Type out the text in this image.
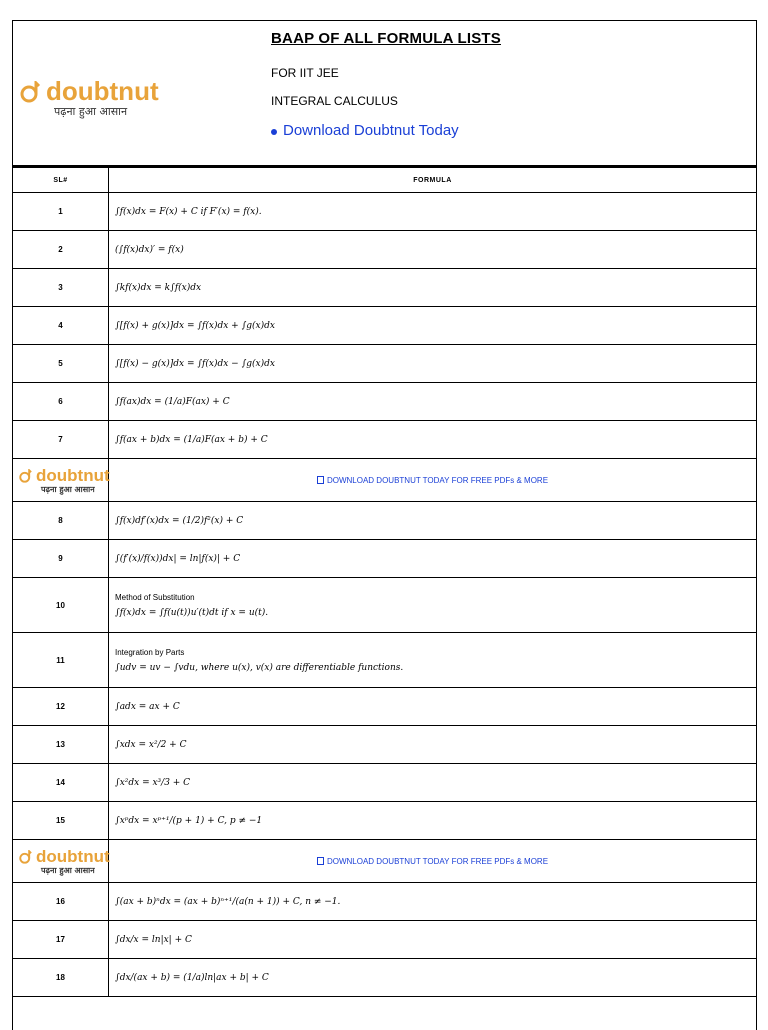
doubtnut
पढ़ना हुआ आसान
BAAP OF ALL FORMULA LISTS
FOR IIT JEE
INTEGRAL CALCULUS
Download Doubtnut Today
SL#	FORMULA
1	∫f(x)dx = F(x) + C if F′(x) = f(x).
2	(∫f(x)dx)′ = f(x)
3	∫kf(x)dx = k∫f(x)dx
4	∫[f(x) + g(x)]dx = ∫f(x)dx + ∫g(x)dx
5	∫[f(x) − g(x)]dx = ∫f(x)dx − ∫g(x)dx
6	∫f(ax)dx = (1/a)F(ax) + C
7	∫f(ax + b)dx = (1/a)F(ax + b) + C

doubtnut
पढ़ना हुआ आसान	DOWNLOAD DOUBTNUT TODAY FOR FREE PDFs & MORE
8	∫f(x)df′(x)dx = (1/2)f²(x) + C
9	∫(f′(x)/f(x))dx| = ln|f(x)| + C
10	Method of Substitution
∫f(x)dx = ∫f(u(t))u′(t)dt if x = u(t).
11	Integration by Parts
∫udv = uv − ∫vdu, where u(x), v(x) are differentiable functions.
12	∫adx = ax + C
13	∫xdx = x²/2 + C
14	∫x²dx = x³/3 + C
15	∫xᵖdx = xᵖ⁺¹/(p + 1) + C, p ≠ −1

doubtnut
पढ़ना हुआ आसान	DOWNLOAD DOUBTNUT TODAY FOR FREE PDFs & MORE
16	∫(ax + b)ⁿdx = (ax + b)ⁿ⁺¹/(a(n + 1)) + C, n ≠ −1.
17	∫dx/x = ln|x| + C
18	∫dx/(ax + b) = (1/a)ln|ax + b| + C
